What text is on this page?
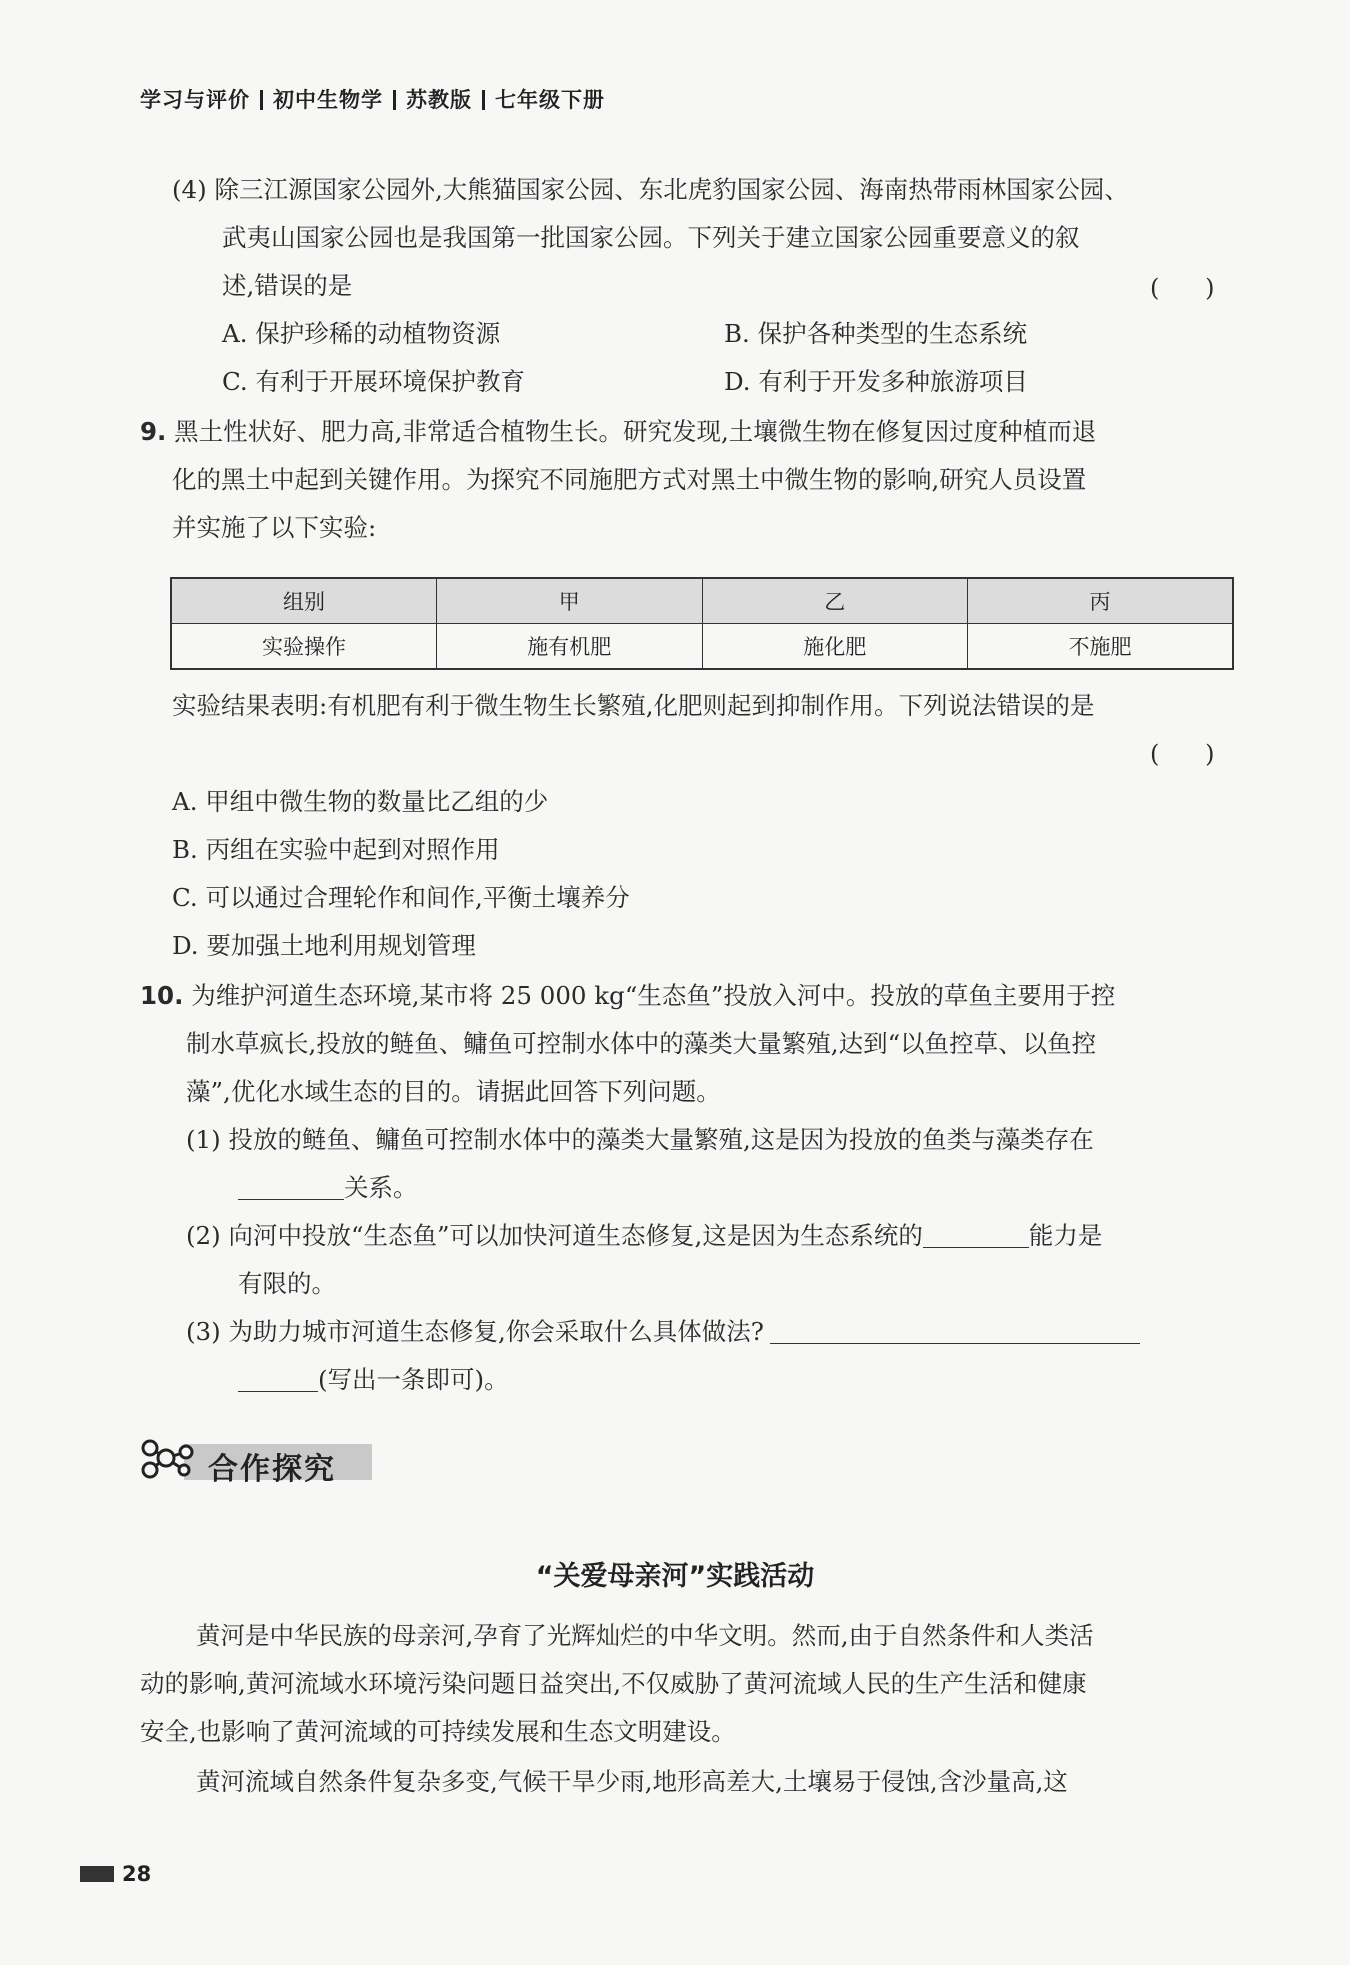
学习与评价 初中生物学 苏教版 七年级下册
(4) 除三江源国家公园外,大熊猫国家公园、东北虎豹国家公园、海南热带雨林国家公园、
武夷山国家公园也是我国第一批国家公园。下列关于建立国家公园重要意义的叙
述,错误的是	(      )
A. 保护珍稀的动植物资源	B. 保护各种类型的生态系统
C. 有利于开展环境保护教育	D. 有利于开发多种旅游项目
9. 黑土性状好、肥力高,非常适合植物生长。研究发现,土壤微生物在修复因过度种植而退
化的黑土中起到关键作用。为探究不同施肥方式对黑土中微生物的影响,研究人员设置
并实施了以下实验:
组别	甲	乙	丙
实验操作	施有机肥	施化肥	不施肥
实验结果表明:有机肥有利于微生物生长繁殖,化肥则起到抑制作用。下列说法错误的是
(      )
A. 甲组中微生物的数量比乙组的少
B. 丙组在实验中起到对照作用
C. 可以通过合理轮作和间作,平衡土壤养分
D. 要加强土地利用规划管理
10. 为维护河道生态环境,某市将 25 000 kg“生态鱼”投放入河中。投放的草鱼主要用于控
制水草疯长,投放的鲢鱼、鳙鱼可控制水体中的藻类大量繁殖,达到“以鱼控草、以鱼控
藻”,优化水域生态的目的。请据此回答下列问题。
(1) 投放的鲢鱼、鳙鱼可控制水体中的藻类大量繁殖,这是因为投放的鱼类与藻类存在
关系。
(2) 向河中投放“生态鱼”可以加快河道生态修复,这是因为生态系统的	能力是
有限的。
(3) 为助力城市河道生态修复,你会采取什么具体做法?
(写出一条即可)。
合作探究
“关爱母亲河”实践活动
黄河是中华民族的母亲河,孕育了光辉灿烂的中华文明。然而,由于自然条件和人类活
动的影响,黄河流域水环境污染问题日益突出,不仅威胁了黄河流域人民的生产生活和健康
安全,也影响了黄河流域的可持续发展和生态文明建设。
黄河流域自然条件复杂多变,气候干旱少雨,地形高差大,土壤易于侵蚀,含沙量高,这
28
